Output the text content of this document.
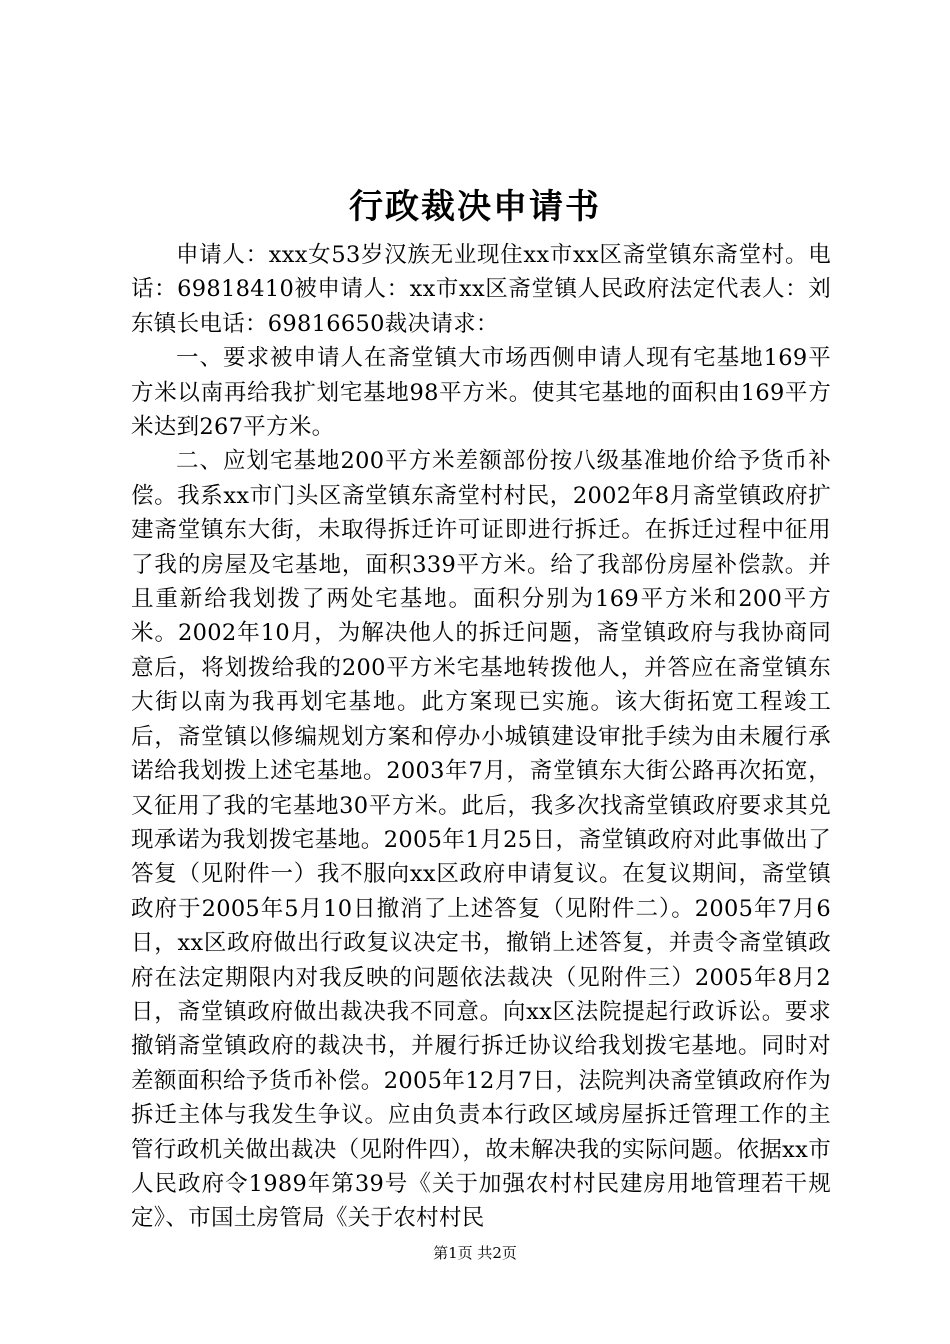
行政裁决申请书

申请人：xxx女53岁汉族无业现住xx市xx区斋堂镇东斋堂村。电话：69818410被申请人：xx市xx区斋堂镇人民政府法定代表人：刘东镇长电话：69816650裁决请求：

一、要求被申请人在斋堂镇大市场西侧申请人现有宅基地169平方米以南再给我扩划宅基地98平方米。使其宅基地的面积由169平方米达到267平方米。

二、应划宅基地200平方米差额部份按八级基准地价给予货币补偿。我系xx市门头区斋堂镇东斋堂村村民，2002年8月斋堂镇政府扩建斋堂镇东大街，未取得拆迁许可证即进行拆迁。在拆迁过程中征用了我的房屋及宅基地，面积339平方米。给了我部份房屋补偿款。并且重新给我划拨了两处宅基地。面积分别为169平方米和200平方米。2002年10月，为解决他人的拆迁问题，斋堂镇政府与我协商同意后，将划拨给我的200平方米宅基地转拨他人，并答应在斋堂镇东大街以南为我再划宅基地。此方案现已实施。该大街拓宽工程竣工后，斋堂镇以修编规划方案和停办小城镇建设审批手续为由未履行承诺给我划拨上述宅基地。2003年7月，斋堂镇东大街公路再次拓宽，又征用了我的宅基地30平方米。此后，我多次找斋堂镇政府要求其兑现承诺为我划拨宅基地。2005年1月25日，斋堂镇政府对此事做出了答复（见附件一）我不服向xx区政府申请复议。在复议期间，斋堂镇政府于2005年5月10日撤消了上述答复（见附件二）。2005年7月6日，xx区政府做出行政复议决定书，撤销上述答复，并责令斋堂镇政府在法定期限内对我反映的问题依法裁决（见附件三）2005年8月2日，斋堂镇政府做出裁决我不同意。向xx区法院提起行政诉讼。要求撤销斋堂镇政府的裁决书，并履行拆迁协议给我划拨宅基地。同时对差额面积给予货币补偿。2005年12月7日，法院判决斋堂镇政府作为拆迁主体与我发生争议。应由负责本行政区域房屋拆迁管理工作的主管行政机关做出裁决（见附件四），故未解决我的实际问题。依据xx市人民政府令1989年第39号《关于加强农村村民建房用地管理若干规定》、市国土房管局《关于农村村民

第1页 共2页
